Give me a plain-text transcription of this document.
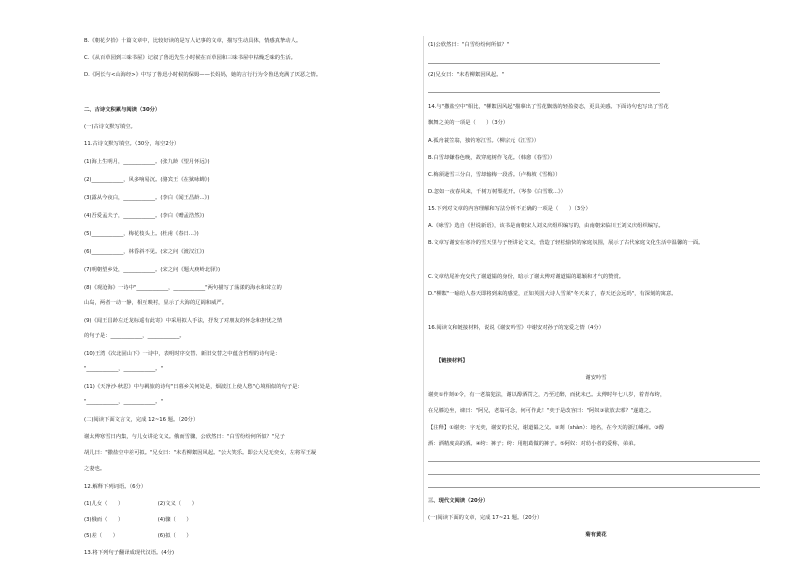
B.《朝花夕拾》十篇文章中，比较好读的是写人记事的文章，描写生动具体，情感真挚动人。
C.《从百草园到三味书屋》记叙了鲁迅先生小时候在百草园和三味书屋中枯燥乏味的生活。
D.《阿长与<山海经>》中写了鲁迅小时候的保姆——长妈妈，她的言行行为令鲁迅充满了厌恶之情。
二、古诗文积累与阅读（30分）
(一)古诗文默写填空。
11.古诗文默写填空。（30分，每空2分）
(1)海上生明月，____________。(张九龄《望月怀远》)
(2)____________，风多响易沉。(骆宾王《在狱咏蝉》)
(3)露从今夜白，____________。(李白《闻王昌龄...》)
(4)吾爱孟夫子，____________。(李白《赠孟浩然》)
(5)____________，梅花枝头上。(杜甫《春日...》)
(6)____________，林昏斜不见。(宋之问《渡汉江》)
(7)明朝望乡处，____________。(宋之问《题大庾岭北驿》)
(8)《观沧海》一诗中"____________，____________"两句描写了荡漾的海水和耸立的
山岛，两者一动一静，相互映衬，显示了大海的辽阔和威严。
(9)《闻王昌龄左迁龙标遥有此寄》中采用拟人手法，抒发了对朋友的怀念和担忧之情
的句子是：____________，____________。
(10)王湾《次北固山下》一诗中，表明时序交替、新旧交替之中蕴含哲理的诗句是：
"____________，____________。"
(11)《天净沙·秋思》中与羁旅的诗句"日暮乡关何处是，烟波江上使人愁"心境相似的句子是：
"____________，____________。"
(二)阅读下面文言文，完成 12~16 题。（20分）
谢太傅寒雪日内集，与儿女讲论文义。俄而雪骤，公欣然曰："白雪纷纷何所似？"兄子
胡儿曰："撒盐空中差可拟。"兄女曰："未若柳絮因风起。"公大笑乐。即公大兄无奕女，左将军王凝
之妻也。
12.解释下列词语。（6分）
(1)儿女（　　）　　　　　　　(2)文义（　　）
(3)俄而（　　）　　　　　　　(4)骤（　　）
(5)差（　　）　　　　　　　　(6)拟（　　）
13.将下列句子翻译成现代汉语。(4分)
(1)公欣然曰："白雪纷纷何所似？"
(2)兄女曰："未若柳絮因风起。"
14.与"撒盐空中"相比，"柳絮因风起"描摹出了雪花飘落的轻盈姿态，更具美感。下面诗句也写出了雪花
飘舞之美的一项是（　　）（3分）
A.孤舟蓑笠翁，独钓寒江雪。（柳宗元《江雪》）
B.白雪却嫌春色晚，故穿庭树作飞花。（韩愈《春雪》）
C.梅须逊雪三分白，雪却输梅一段香。（卢梅坡《雪梅》）
D.忽如一夜春风来，千树万树梨花开。（岑参《白雪歌...》）
15.下列对文章的内容理解和写法分析不正确的一项是（　　）（3分）
A.《咏雪》选自《世说新语》，该书是南朝宋人刘义庆组织编写的，由南朝宋临川王刘义庆组织编写。
B.文章写谢安在寒冷的雪天里与子侄讲论文义，营造了轻松愉快的家庭氛围，展示了古代家庭文化生活中温馨的一面。
C.文章结尾补充交代了谢道韫的身份，暗示了谢太傅对谢道韫的聪颖和才气的赞赏。
D."柳絮"一喻给人春天即将到来的感觉，正如英国大诗人雪莱"冬天来了，春天还会远吗"，有深刻的寓意。
16.阅读文和链接材料，说说《谢安吟雪》中谢安对孙子的宠爱之情（4分）
【链接材料】
谢安吟雪
谢奕①作剡②令，有一老翁犯法，谢以醇酒罚之，乃至过醉，而犹未已。太傅时年七八岁，着青布绔，
在兄膝边坐，谏曰："阿兄，老翁可念，何可作此！"奕于是改容曰："阿奴③欲放去邪？"遂遣之。
【注释】①谢奕：字无奕，谢安的长兄，谢道韫之父。②剡（shàn）：地名，在今天的浙江嵊州。③醇
酒：酒精度高的酒。④绔：裤子；绔：用粗葛做的裤子。⑤阿奴：对幼小者的爱称，弟弟。
三、现代文阅读（20分）
(一)阅读下面的文章，完成 17~21 题。（20分）
菊有黄花
